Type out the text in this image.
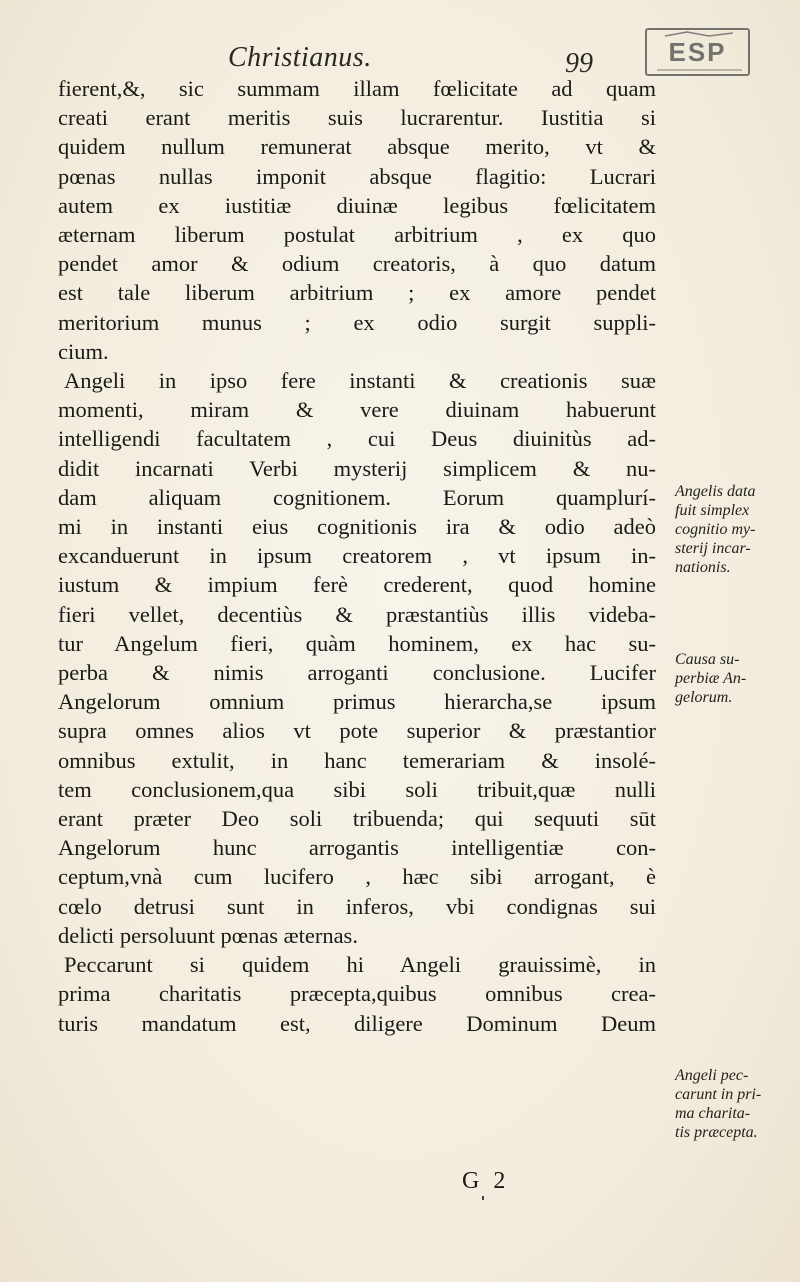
Christianus.	99	ESP
fierent,&, sic summam illam fœlicitate ad quam
creati erant meritis suis lucrarentur. Iustitia si
quidem nullum remunerat absque merito, vt &
pœnas nullas imponit absque flagitio: Lucrari
autem ex iustitiæ diuinæ legibus fœlicitatem
æternam liberum postulat arbitrium , ex quo
pendet amor & odium creatoris, à quo datum
est tale liberum arbitrium ; ex amore pendet
meritorium munus ; ex odio surgit suppli-
cium.
Angeli in ipso fere instanti & creationis suæ
momenti, miram & vere diuinam habuerunt
intelligendi facultatem , cui Deus diuinitùs ad-
didit incarnati Verbi mysterij simplicem & nu-
dam aliquam cognitionem. Eorum quamplurí-
mi in instanti eius cognitionis ira & odio adeò
excanduerunt in ipsum creatorem , vt ipsum in-
iustum & impium ferè crederent, quod homine
fieri vellet, decentiùs & præstantiùs illis videba-
tur Angelum fieri, quàm hominem, ex hac su-
perba & nimis arroganti conclusione. Lucifer
Angelorum omnium primus hierarcha,se ipsum
supra omnes alios vt pote superior & præstantior
omnibus extulit, in hanc temerariam & insolé-
tem conclusionem,qua sibi soli tribuit,quæ nulli
erant præter Deo soli tribuenda; qui sequuti sūt
Angelorum hunc arrogantis intelligentiæ con-
ceptum,vnà cum lucifero , hæc sibi arrogant, è
cœlo detrusi sunt in inferos, vbi condignas sui
delicti persoluunt pœnas æternas.
Peccarunt si quidem hi Angeli grauissimè, in
prima charitatis præcepta,quibus omnibus crea-
turis mandatum est, diligere Dominum Deum
Angelis data
fuit simplex
cognitio my-
sterij incar-
nationis.
Causa su-
perbiæ An-
gelorum.
Angeli pec-
carunt in pri-
ma charita-
tis præcepta.
G 2
